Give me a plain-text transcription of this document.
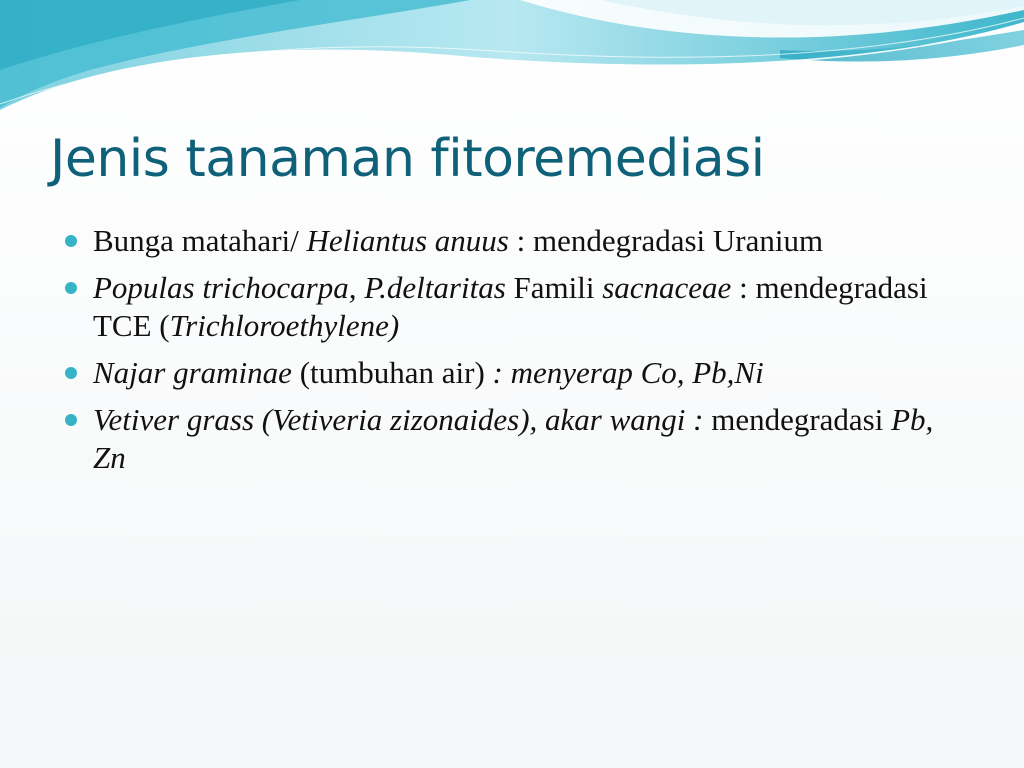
Jenis tanaman fitoremediasi
Bunga matahari/ Heliantus anuus : mendegradasi Uranium
Populas trichocarpa, P.deltaritas Famili sacnaceae : mendegradasi TCE (Trichloroethylene)
Najar graminae (tumbuhan air) : menyerap Co, Pb,Ni
Vetiver grass (Vetiveria zizonaides), akar wangi : mendegradasi Pb, Zn
